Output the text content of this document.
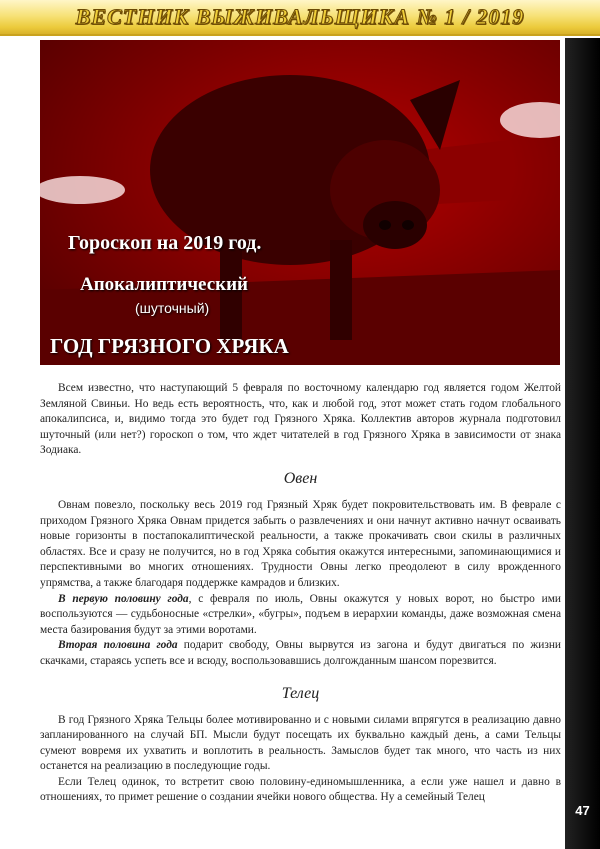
ВЕСТНИК ВЫЖИВАЛЬЩИКА № 1 / 2019
47
Гороскоп на 2019 год.
Апокалиптический
(шуточный)
ГОД ГРЯЗНОГО ХРЯКА

Всем известно, что наступающий 5 февраля по восточному календарю год является годом Желтой Земляной Свиньи. Но ведь есть вероятность, что, как и любой год, этот может стать годом глобального апокалипсиса, и, видимо тогда это будет год Грязного Хряка. Коллектив авторов журнала подготовил шуточный (или нет?) гороскоп о том, что ждет читателей в год Грязного Хряка в зависимости от знака Зодиака.

Овен

Овнам повезло, поскольку весь 2019 год Грязный Хряк будет покровительствовать им. В феврале с приходом Грязного Хряка Овнам придется забыть о развлечениях и они начнут активно начнут осваивать новые горизонты в постапокалиптической реальности, а также прокачивать свои скилы в различных областях. Все и сразу не получится, но в год Хряка события окажутся интересными, запоминающимися и перспективными во многих отношениях. Трудности Овны легко преодолеют в силу врожденного упрямства, а также благодаря поддержке камрадов и близких.

В первую половину года, с февраля по июль, Овны окажутся у новых ворот, но быстро ими воспользуются — судьбоносные «стрелки», «бугры», подъем в иерархии команды, даже возможная смена места базирования будут за этими воротами.

Вторая половина года подарит свободу, Овны вырвутся из загона и будут двигаться по жизни скачками, стараясь успеть все и всюду, воспользовавшись долгожданным шансом порезвится.

Телец

В год Грязного Хряка Тельцы более мотивированно и с новыми силами впрягутся в реализацию давно запланированного на случай БП. Мысли будут посещать их буквально каждый день, а сами Тельцы сумеют вовремя их ухватить и воплотить в реальность. Замыслов будет так много, что часть из них останется на реализацию в последующие годы.

Если Телец одинок, то встретит свою половину-единомышленника, а если уже нашел и давно в отношениях, то примет решение о создании ячейки нового общества. Ну а семейный Телец
